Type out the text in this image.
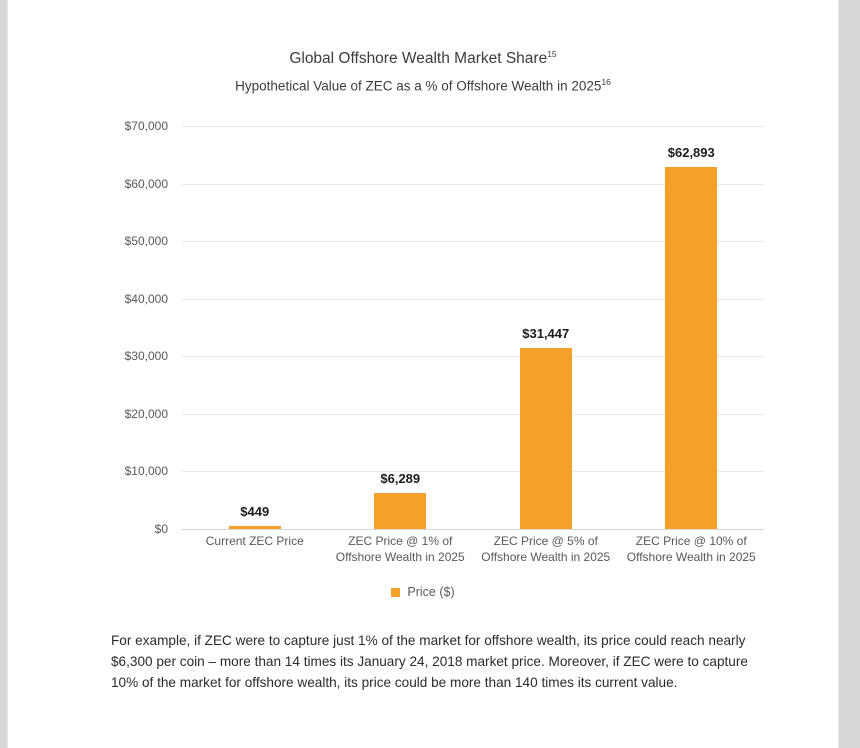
Global Offshore Wealth Market Share$^{15}$
Hypothetical Value of ZEC as a % of Offshore Wealth in 2025$^{16}$
$0
$10,000
$20,000
$30,000
$40,000
$50,000
$60,000
$70,000
$449
$6,289
$31,447
$62,893
Current ZEC Price	ZEC Price @ 1% of
Offshore Wealth in 2025
ZEC Price @ 5% of
Offshore Wealth in 2025
ZEC Price @ 10% of
Offshore Wealth in 2025
Price ($)
For example, if ZEC were to capture just 1% of the market for offshore wealth, its price could reach nearly $6,300 per coin – more than 14 times its January 24, 2018 market price. Moreover, if ZEC were to capture 10% of the market for offshore wealth, its price could be more than 140 times its current value.
